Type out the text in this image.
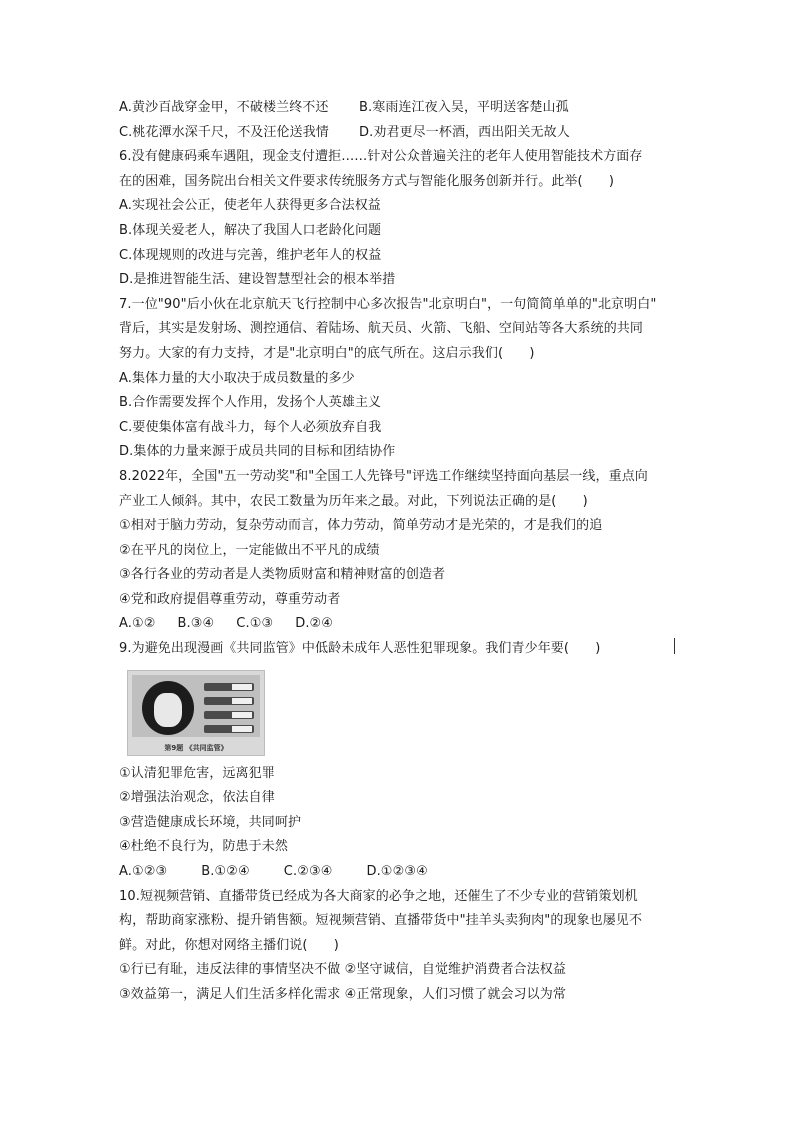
A.黄沙百战穿金甲，不破楼兰终不还	B.寒雨连江夜入吴，平明送客楚山孤
C.桃花潭水深千尺，不及汪伦送我情	D.劝君更尽一杯酒，西出阳关无故人
6.没有健康码乘车遇阻，现金支付遭拒……针对公众普遍关注的老年人使用智能技术方面存
在的困难，国务院出台相关文件要求传统服务方式与智能化服务创新并行。此举(　　)
A.实现社会公正，使老年人获得更多合法权益
B.体现关爱老人，解决了我国人口老龄化问题
C.体现规则的改进与完善，维护老年人的权益
D.是推进智能生活、建设智慧型社会的根本举措
7.一位"90"后小伙在北京航天飞行控制中心多次报告"北京明白"，一句简简单单的"北京明白"
背后，其实是发射场、测控通信、着陆场、航天员、火箭、飞船、空间站等各大系统的共同
努力。大家的有力支持，才是"北京明白"的底气所在。这启示我们(　　)
A.集体力量的大小取决于成员数量的多少
B.合作需要发挥个人作用，发扬个人英雄主义
C.要使集体富有战斗力，每个人必须放弃自我
D.集体的力量来源于成员共同的目标和团结协作
8.2022年，全国"五一劳动奖"和"全国工人先锋号"评选工作继续坚持面向基层一线，重点向
产业工人倾斜。其中，农民工数量为历年来之最。对此，下列说法正确的是(　　)
①相对于脑力劳动，复杂劳动而言，体力劳动，简单劳动才是光荣的，才是我们的追
②在平凡的岗位上，一定能做出不平凡的成绩
③各行各业的劳动者是人类物质财富和精神财富的创造者
④党和政府提倡尊重劳动，尊重劳动者
A.①② B.③④ C.①③ D.②④
9.为避免出现漫画《共同监管》中低龄未成年人恶性犯罪现象。我们青少年要(　　)
第9题 《共同监管》
①认清犯罪危害，远离犯罪
②增强法治观念，依法自律
③营造健康成长环境，共同呵护
④杜绝不良行为，防患于未然
A.①②③	B.①②④	C.②③④	D.①②③④
10.短视频营销、直播带货已经成为各大商家的必争之地，还催生了不少专业的营销策划机
构，帮助商家涨粉、提升销售额。短视频营销、直播带货中"挂羊头卖狗肉"的现象也屡见不
鲜。对此，你想对网络主播们说(　　)
①行已有耻，违反法律的事情坚决不做 ②坚守诚信，自觉维护消费者合法权益
③效益第一，满足人们生活多样化需求 ④正常现象，人们习惯了就会习以为常
